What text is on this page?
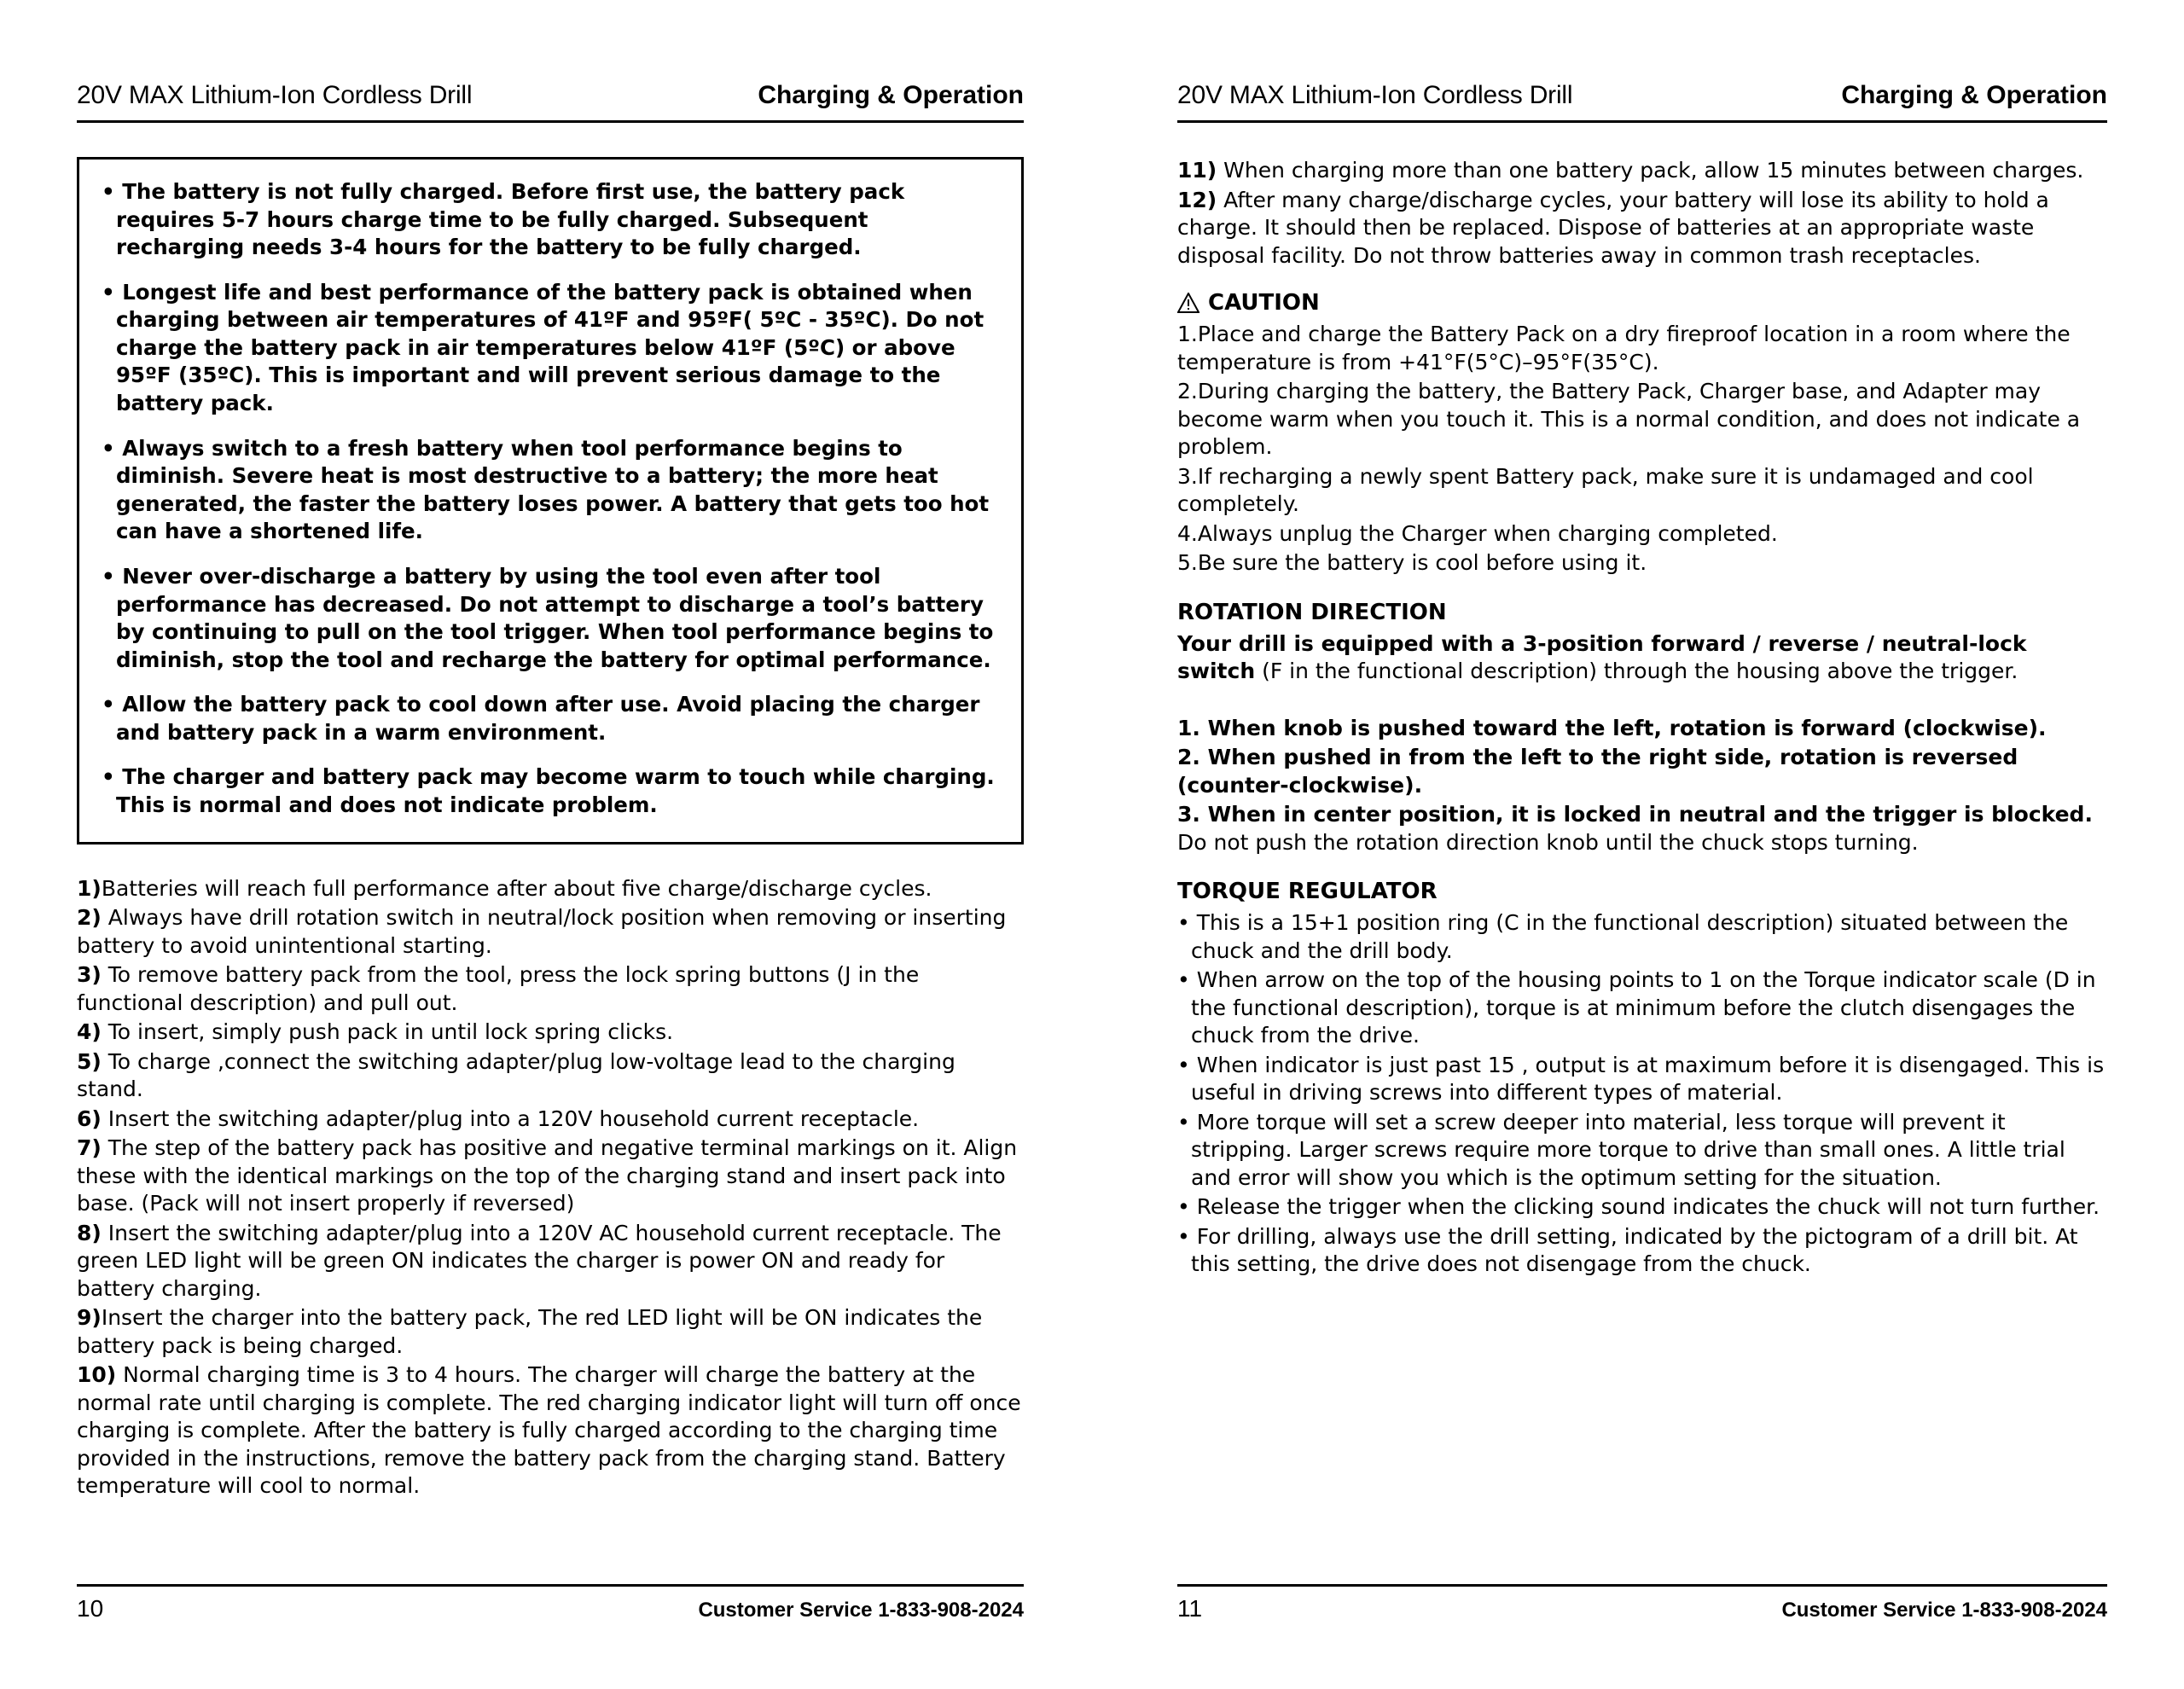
20V MAX Lithium-Ion Cordless Drill	Charging & Operation

• The battery is not fully charged. Before first use, the battery pack requires 5-7 hours charge time to be fully charged. Subsequent recharging needs 3-4 hours for the battery to be fully charged.

• Longest life and best performance of the battery pack is obtained when charging between air temperatures of 41ºF and 95ºF( 5ºC - 35ºC). Do not charge the battery pack in air temperatures below 41ºF (5ºC) or above 95ºF (35ºC). This is important and will prevent serious damage to the battery pack.

• Always switch to a fresh battery when tool performance begins to diminish. Severe heat is most destructive to a battery; the more heat generated, the faster the battery loses power. A battery that gets too hot can have a shortened life.

• Never over-discharge a battery by using the tool even after tool performance has decreased. Do not attempt to discharge a tool’s battery by continuing to pull on the tool trigger. When tool performance begins to diminish, stop the tool and recharge the battery for optimal performance.

• Allow the battery pack to cool down after use. Avoid placing the charger and battery pack in a warm environment.

• The charger and battery pack may become warm to touch while charging. This is normal and does not indicate problem.

1)Batteries will reach full performance after about five charge/discharge cycles.

2) Always have drill rotation switch in neutral/lock position when removing or inserting battery to avoid unintentional starting.

3) To remove battery pack from the tool, press the lock spring buttons (J in the functional description) and pull out.

4) To insert, simply push pack in until lock spring clicks.

5) To charge ,connect the switching adapter/plug low-voltage lead to the charging stand.

6) Insert the switching adapter/plug into a 120V household current receptacle.

7) The step of the battery pack has positive and negative terminal markings on it. Align these with the identical markings on the top of the charging stand and insert pack into base. (Pack will not insert properly if reversed)

8) Insert the switching adapter/plug into a 120V AC household current receptacle. The green LED light will be green ON indicates the charger is power ON and ready for battery charging.

9)Insert the charger into the battery pack, The red LED light will be ON indicates the battery pack is being charged.

10) Normal charging time is 3 to 4 hours. The charger will charge the battery at the normal rate until charging is complete. The red charging indicator light will turn off once charging is complete. After the battery is fully charged according to the charging time provided in the instructions, remove the battery pack from the charging stand. Battery temperature will cool to normal.

10	Customer Service 1-833-908-2024
20V MAX Lithium-Ion Cordless Drill	Charging & Operation

11) When charging more than one battery pack, allow 15 minutes between charges.

12) After many charge/discharge cycles, your battery will lose its ability to hold a charge. It should then be replaced. Dispose of batteries at an appropriate waste disposal facility. Do not throw batteries away in common trash receptacles.

CAUTION

1.Place and charge the Battery Pack on a dry fireproof location in a room where the temperature is from +41°F(5°C)–95°F(35°C).

2.During charging the battery, the Battery Pack, Charger base, and Adapter may become warm when you touch it. This is a normal condition, and does not indicate a problem.

3.If recharging a newly spent Battery pack, make sure it is undamaged and cool completely.

4.Always unplug the Charger when charging completed.

5.Be sure the battery is cool before using it.

ROTATION DIRECTION

Your drill is equipped with a 3-position forward / reverse / neutral-lock switch (F in the functional description) through the housing above the trigger.

1. When knob is pushed toward the left, rotation is forward (clockwise).

2. When pushed in from the left to the right side, rotation is reversed (counter-clockwise).

3. When in center position, it is locked in neutral and the trigger is blocked. Do not push the rotation direction knob until the chuck stops turning.

TORQUE REGULATOR

• This is a 15+1 position ring (C in the functional description) situated between the chuck and the drill body.

• When arrow on the top of the housing points to 1 on the Torque indicator scale (D in the functional description), torque is at minimum before the clutch disengages the chuck from the drive.

• When indicator is just past 15 , output is at maximum before it is disengaged. This is useful in driving screws into different types of material.

• More torque will set a screw deeper into material, less torque will prevent it stripping. Larger screws require more torque to drive than small ones. A little trial and error will show you which is the optimum setting for the situation.

• Release the trigger when the clicking sound indicates the chuck will not turn further.

• For drilling, always use the drill setting, indicated by the pictogram of a drill bit. At this setting, the drive does not disengage from the chuck.

11	Customer Service 1-833-908-2024
